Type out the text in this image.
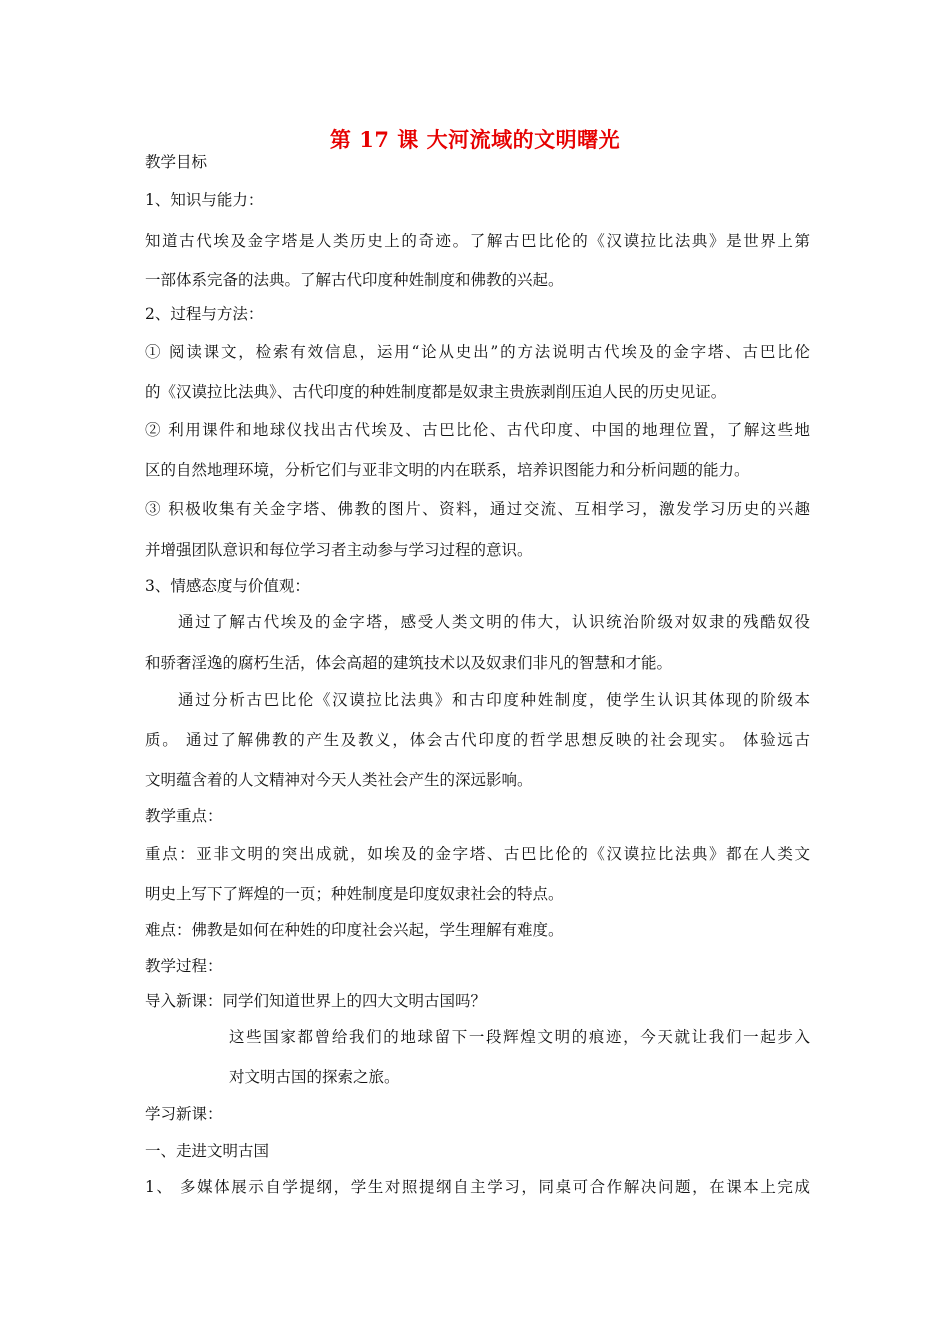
第 17 课 大河流域的文明曙光
教学目标
1、知识与能力：
知道古代埃及金字塔是人类历史上的奇迹。了解古巴比伦的《汉谟拉比法典》是世界上第
一部体系完备的法典。了解古代印度种姓制度和佛教的兴起。
2、过程与方法：
① 阅读课文，检索有效信息，运用“论从史出”的方法说明古代埃及的金字塔、古巴比伦
的《汉谟拉比法典》、古代印度的种姓制度都是奴隶主贵族剥削压迫人民的历史见证。
② 利用课件和地球仪找出古代埃及、古巴比伦、古代印度、中国的地理位置，了解这些地
区的自然地理环境，分析它们与亚非文明的内在联系，培养识图能力和分析问题的能力。
③ 积极收集有关金字塔、佛教的图片、资料，通过交流、互相学习，激发学习历史的兴趣
并增强团队意识和每位学习者主动参与学习过程的意识。
3、情感态度与价值观：
通过了解古代埃及的金字塔，感受人类文明的伟大，认识统治阶级对奴隶的残酷奴役
和骄奢淫逸的腐朽生活，体会高超的建筑技术以及奴隶们非凡的智慧和才能。
通过分析古巴比伦《汉谟拉比法典》和古印度种姓制度，使学生认识其体现的阶级本
质。 通过了解佛教的产生及教义，体会古代印度的哲学思想反映的社会现实。 体验远古
文明蕴含着的人文精神对今天人类社会产生的深远影响。
教学重点：
重点：亚非文明的突出成就，如埃及的金字塔、古巴比伦的《汉谟拉比法典》都在人类文
明史上写下了辉煌的一页；种姓制度是印度奴隶社会的特点。
难点：佛教是如何在种姓的印度社会兴起，学生理解有难度。
教学过程：
导入新课：同学们知道世界上的四大文明古国吗？
这些国家都曾给我们的地球留下一段辉煌文明的痕迹，今天就让我们一起步入
对文明古国的探索之旅。
学习新课：
一、走进文明古国
1、 多媒体展示自学提纲，学生对照提纲自主学习，同桌可合作解决问题，在课本上完成
